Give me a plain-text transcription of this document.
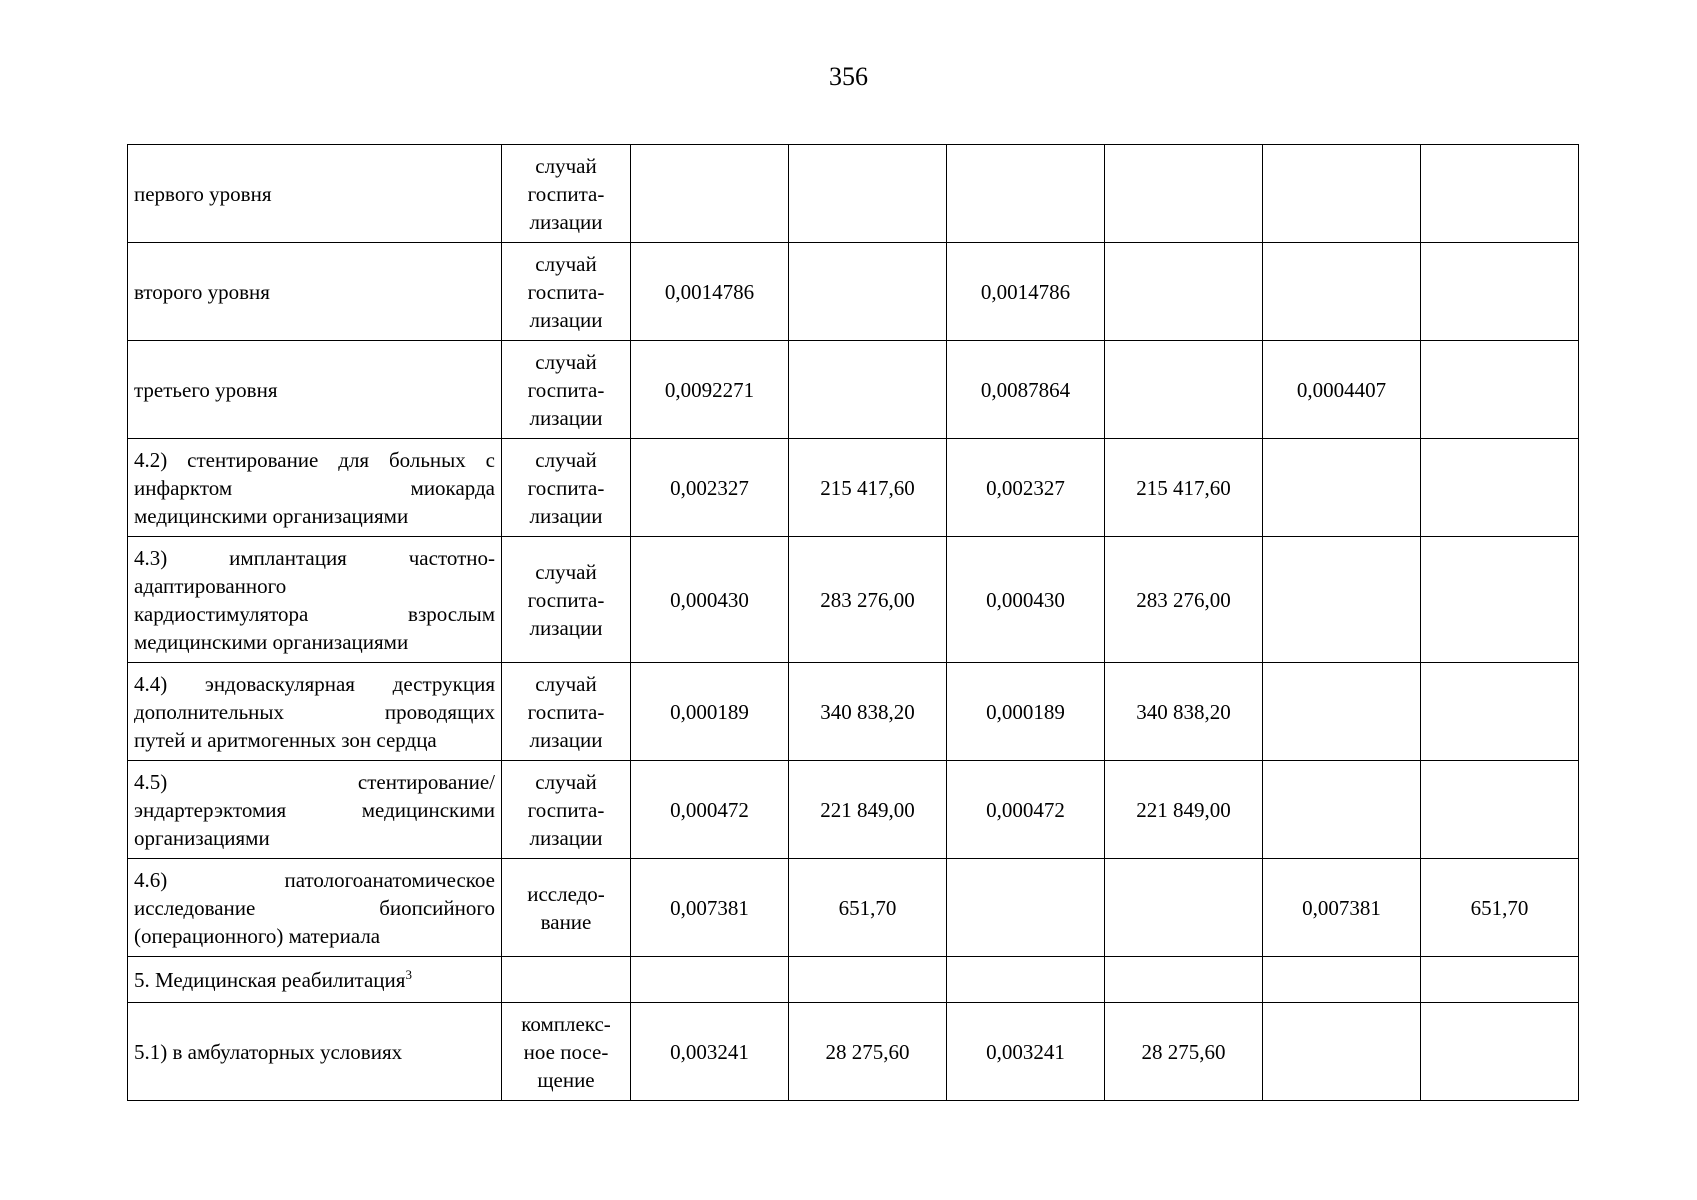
356
первого уровня	случай
госпита-
лизации						

второго уровня	случай
госпита-
лизации	0,0014786		0,0014786			

третьего уровня	случай
госпита-
лизации	0,0092271		0,0087864		0,0004407	

4.2) стентирование для больных с
инфарктом миокарда
медицинскими организациями	случай
госпита-
лизации	0,002327	215 417,60	0,002327	215 417,60		

4.3) имплантация частотно-
адаптированного
кардиостимулятора взрослым
медицинскими организациями	случай
госпита-
лизации	0,000430	283 276,00	0,000430	283 276,00		

4.4) эндоваскулярная деструкция
дополнительных проводящих
путей и аритмогенных зон сердца	случай
госпита-
лизации	0,000189	340 838,20	0,000189	340 838,20		

4.5) стентирование/
эндартерэктомия медицинскими
организациями	случай
госпита-
лизации	0,000472	221 849,00	0,000472	221 849,00		

4.6) патологоанатомическое
исследование биопсийного
(операционного) материала	исследо-
вание	0,007381	651,70			0,007381	651,70

5. Медицинская реабилитация$^3$

5.1) в амбулаторных условиях	комплекс-
ное посе-
щение	0,003241	28 275,60	0,003241	28 275,60		
